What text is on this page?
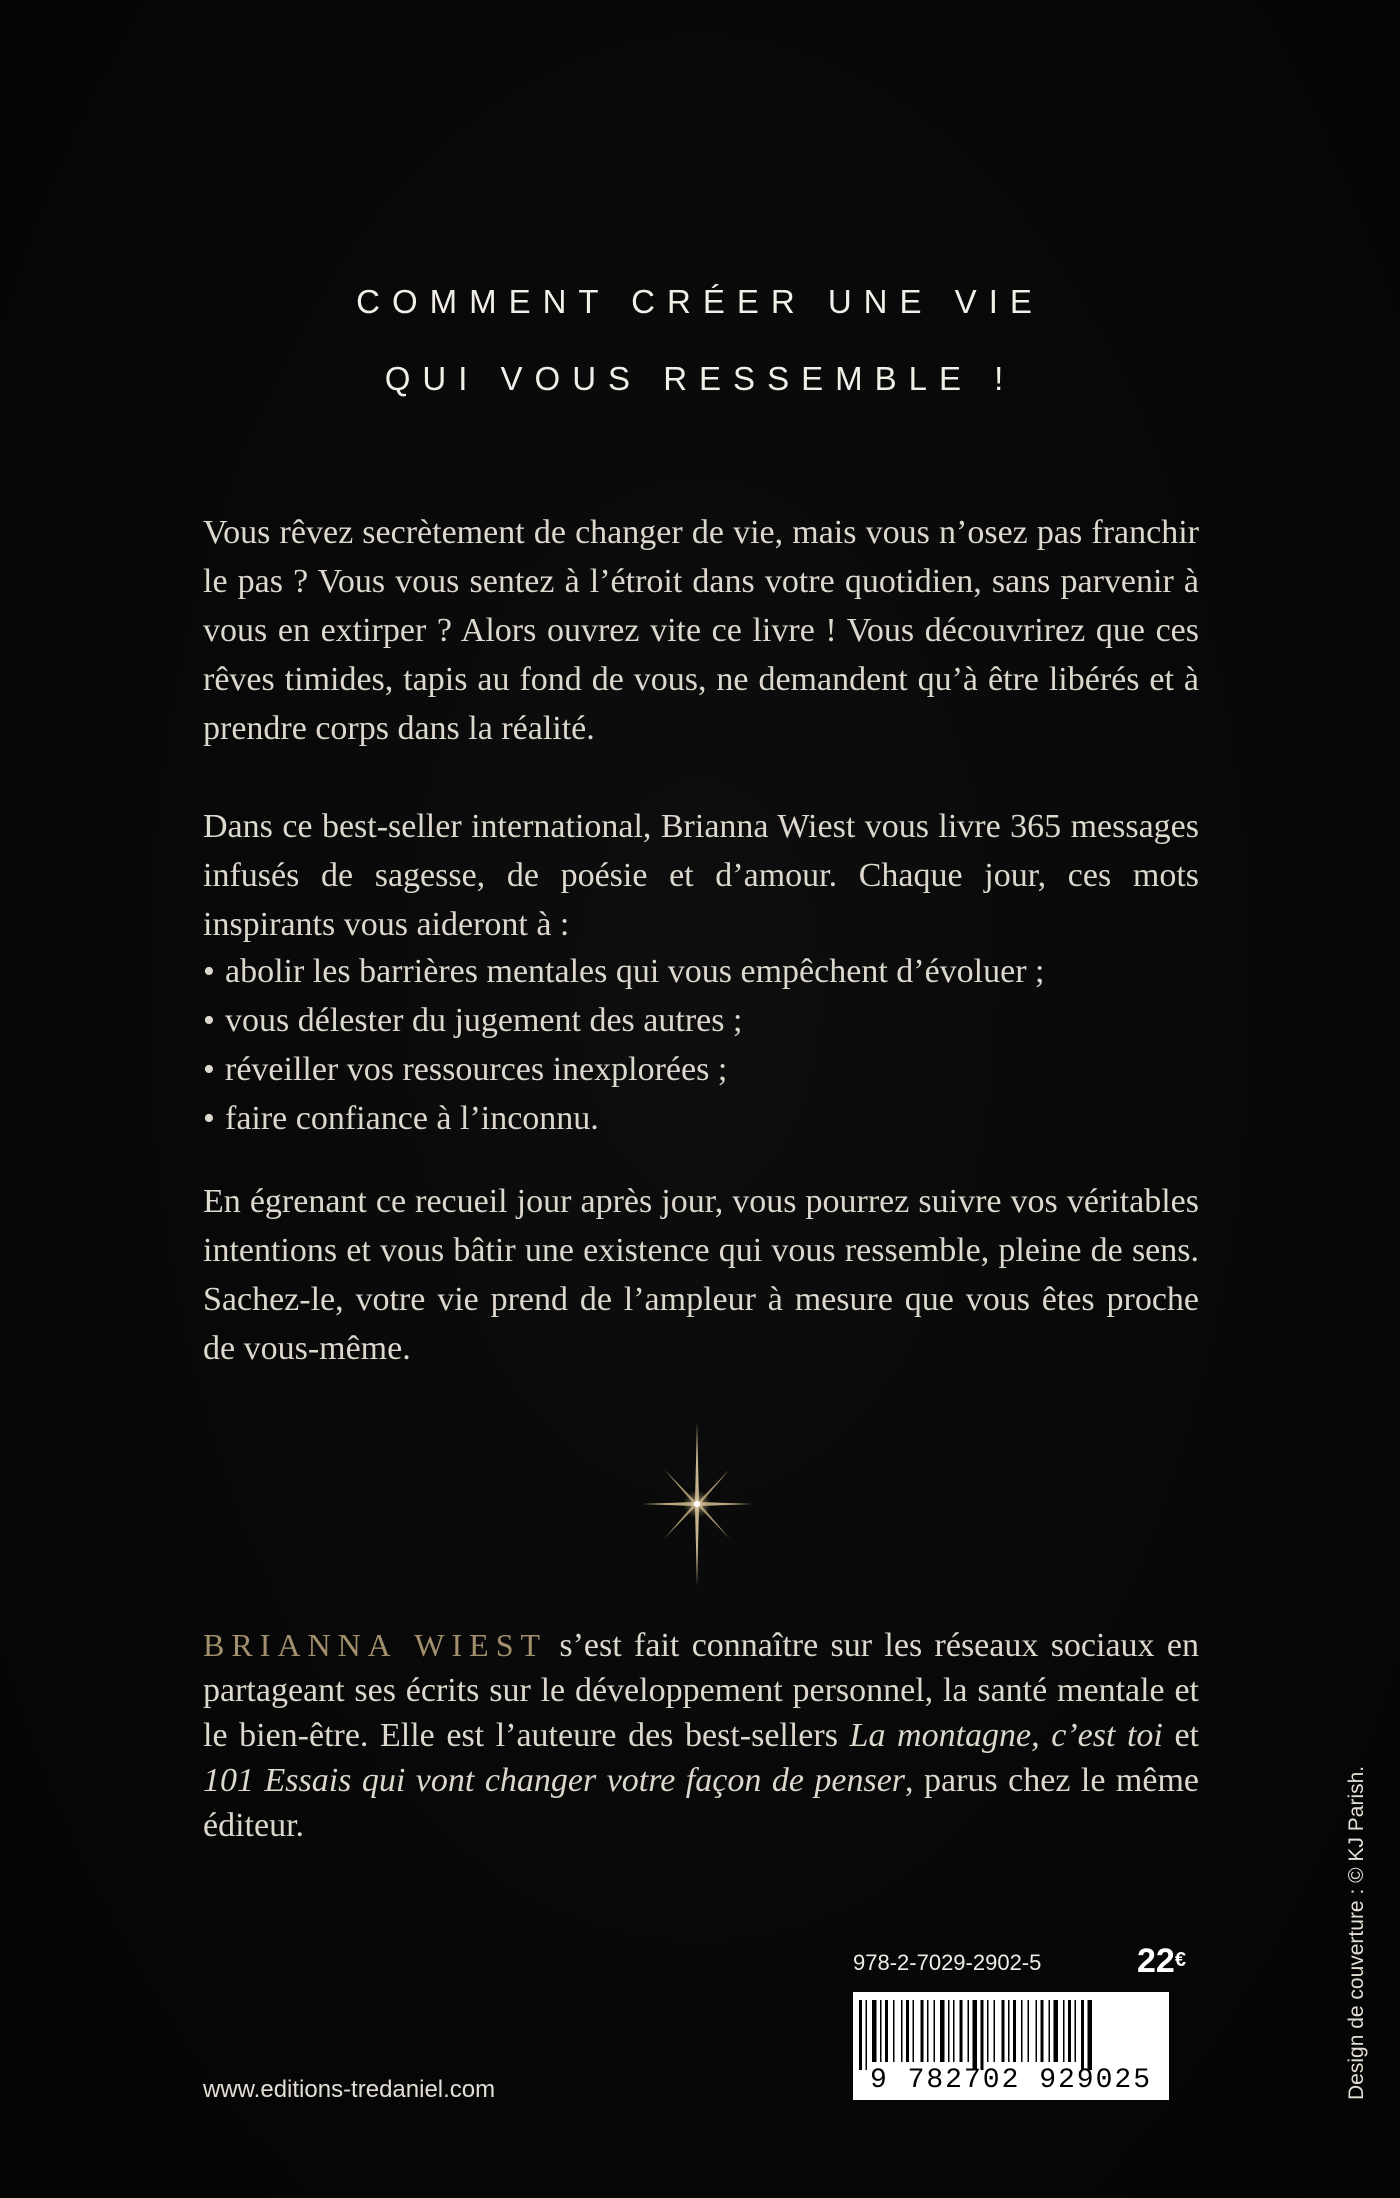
COMMENT CRÉER UNE VIE
QUI VOUS RESSEMBLE !

Vous rêvez secrètement de changer de vie, mais vous n’osez pas franchir le pas ? Vous vous sentez à l’étroit dans votre quotidien, sans parvenir à vous en extirper ? Alors ouvrez vite ce livre ! Vous découvrirez que ces rêves timides, tapis au fond de vous, ne demandent qu’à être libérés et à prendre corps dans la réalité.

Dans ce best-seller international, Brianna Wiest vous livre 365 messages infusés de sagesse, de poésie et d’amour. Chaque jour, ces mots inspirants vous aideront à :

• abolir les barrières mentales qui vous empêchent d’évoluer ;
• vous délester du jugement des autres ;
• réveiller vos ressources inexplorées ;
• faire confiance à l’inconnu.

En égrenant ce recueil jour après jour, vous pourrez suivre vos véritables intentions et vous bâtir une existence qui vous ressemble, pleine de sens. Sachez-le, votre vie prend de l’ampleur à mesure que vous êtes proche de vous-même.

BRIANNA WIEST s’est fait connaître sur les réseaux sociaux en partageant ses écrits sur le développement personnel, la santé mentale et le bien-être. Elle est l’auteure des best-sellers La montagne, c’est toi et 101 Essais qui vont changer votre façon de penser, parus chez le même éditeur.
978-2-7029-2902-5	22€
9 782702 929025
www.editions-tredaniel.com	Design de couverture : © KJ Parish.
